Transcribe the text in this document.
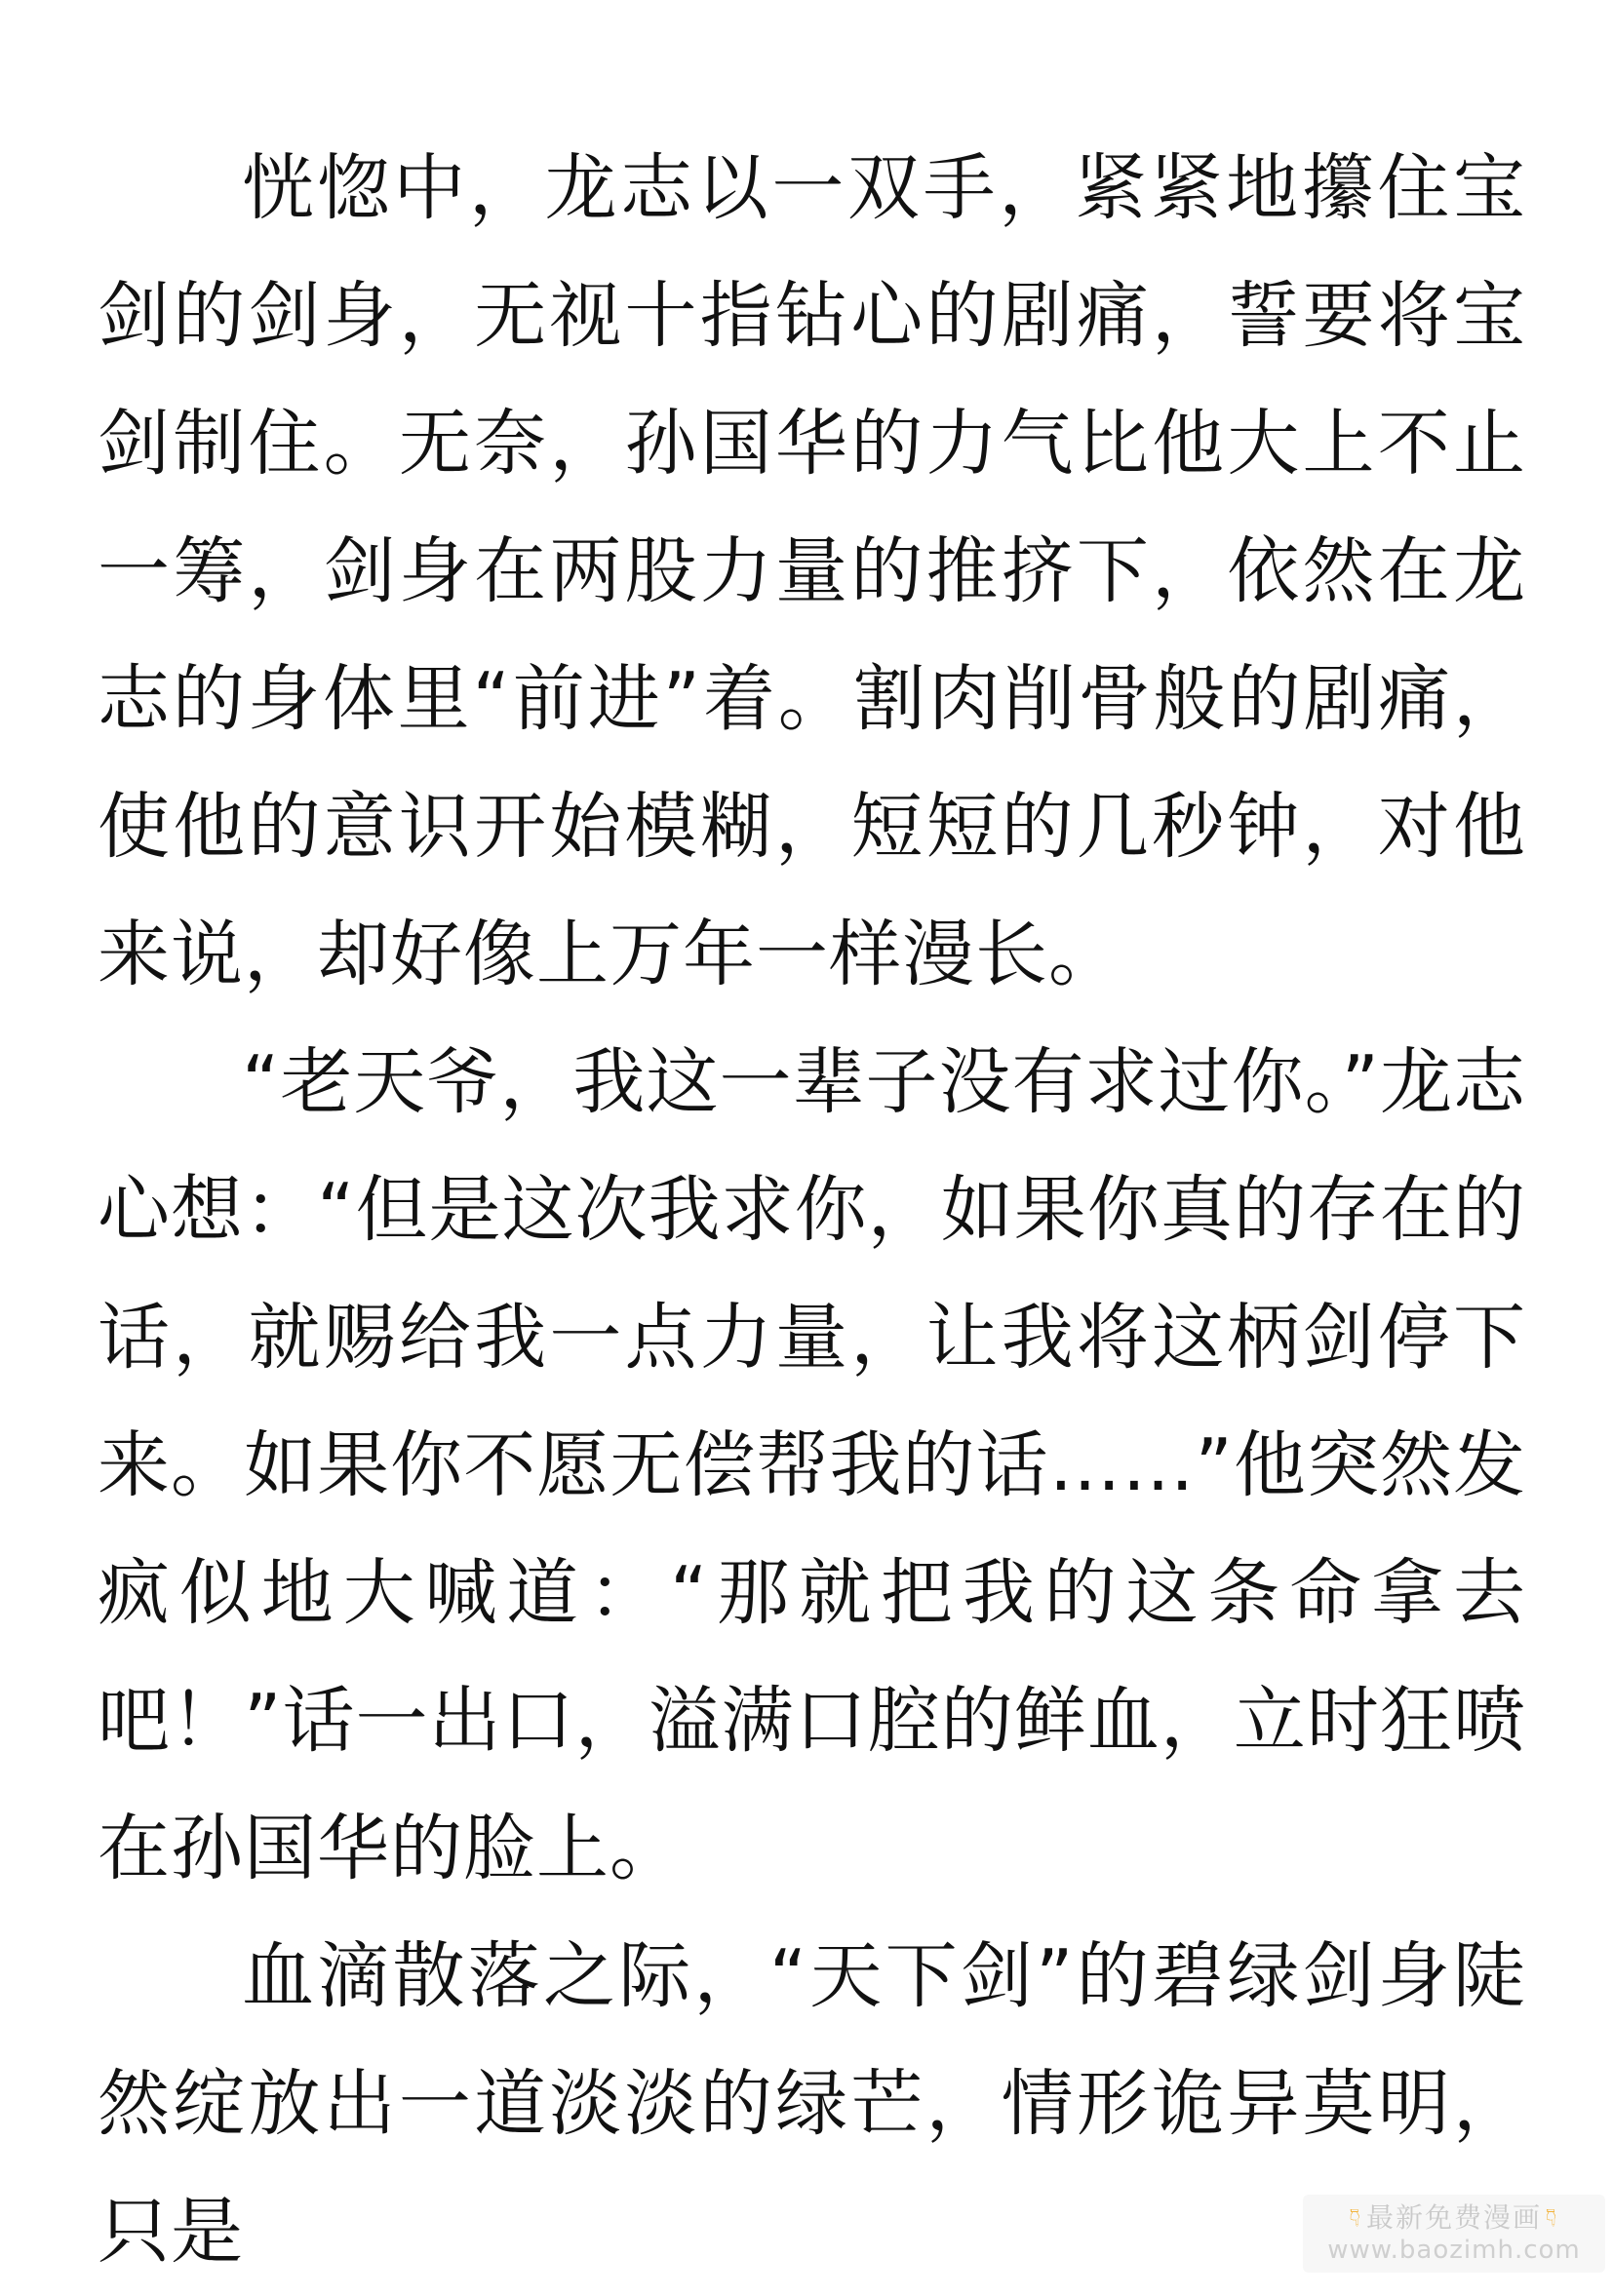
恍惚中，龙志以一双手，紧紧地攥住宝剑的剑身，无视十指钻心的剧痛，誓要将宝剑制住。无奈，孙国华的力气比他大上不止一筹，剑身在两股力量的推挤下，依然在龙志的身体里“前进”着。割肉削骨般的剧痛，使他的意识开始模糊，短短的几秒钟，对他来说，却好像上万年一样漫长。

“老天爷，我这一辈子没有求过你。”龙志心想：“但是这次我求你，如果你真的存在的话，就赐给我一点力量，让我将这柄剑停下来。如果你不愿无偿帮我的话……”他突然发疯似地大喊道：“那就把我的这条命拿去吧！”话一出口，溢满口腔的鲜血，立时狂喷在孙国华的脸上。

血滴散落之际，“天下剑”的碧绿剑身陡然绽放出一道淡淡的绿芒，情形诡异莫明，只是	👇︎ 最新免费漫画 👇︎
www.baozimh.com
